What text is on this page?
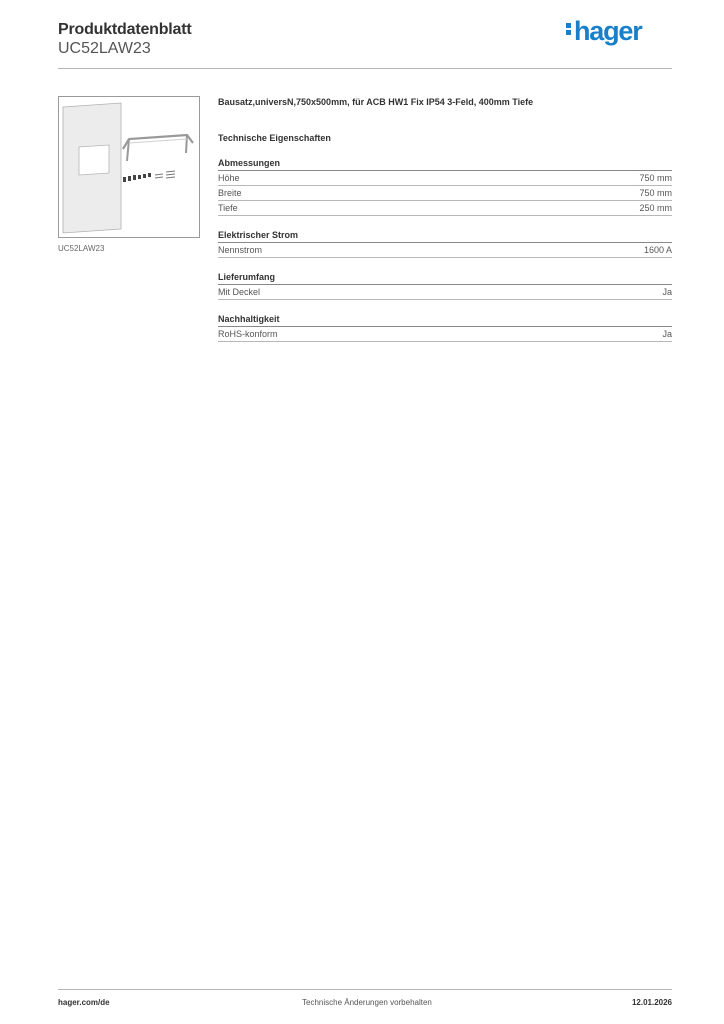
Produktdatenblatt
UC52LAW23
hager
UC52LAW23
Bausatz,universN,750x500mm, für ACB HW1 Fix IP54 3-Feld, 400mm Tiefe
Technische Eigenschaften
Abmessungen
Höhe	750 mm
Breite	750 mm
Tiefe	250 mm
Elektrischer Strom
Nennstrom	1600 A
Lieferumfang
Mit Deckel	Ja
Nachhaltigkeit
RoHS-konform	Ja
hager.com/de	Technische Änderungen vorbehalten	12.01.2026
